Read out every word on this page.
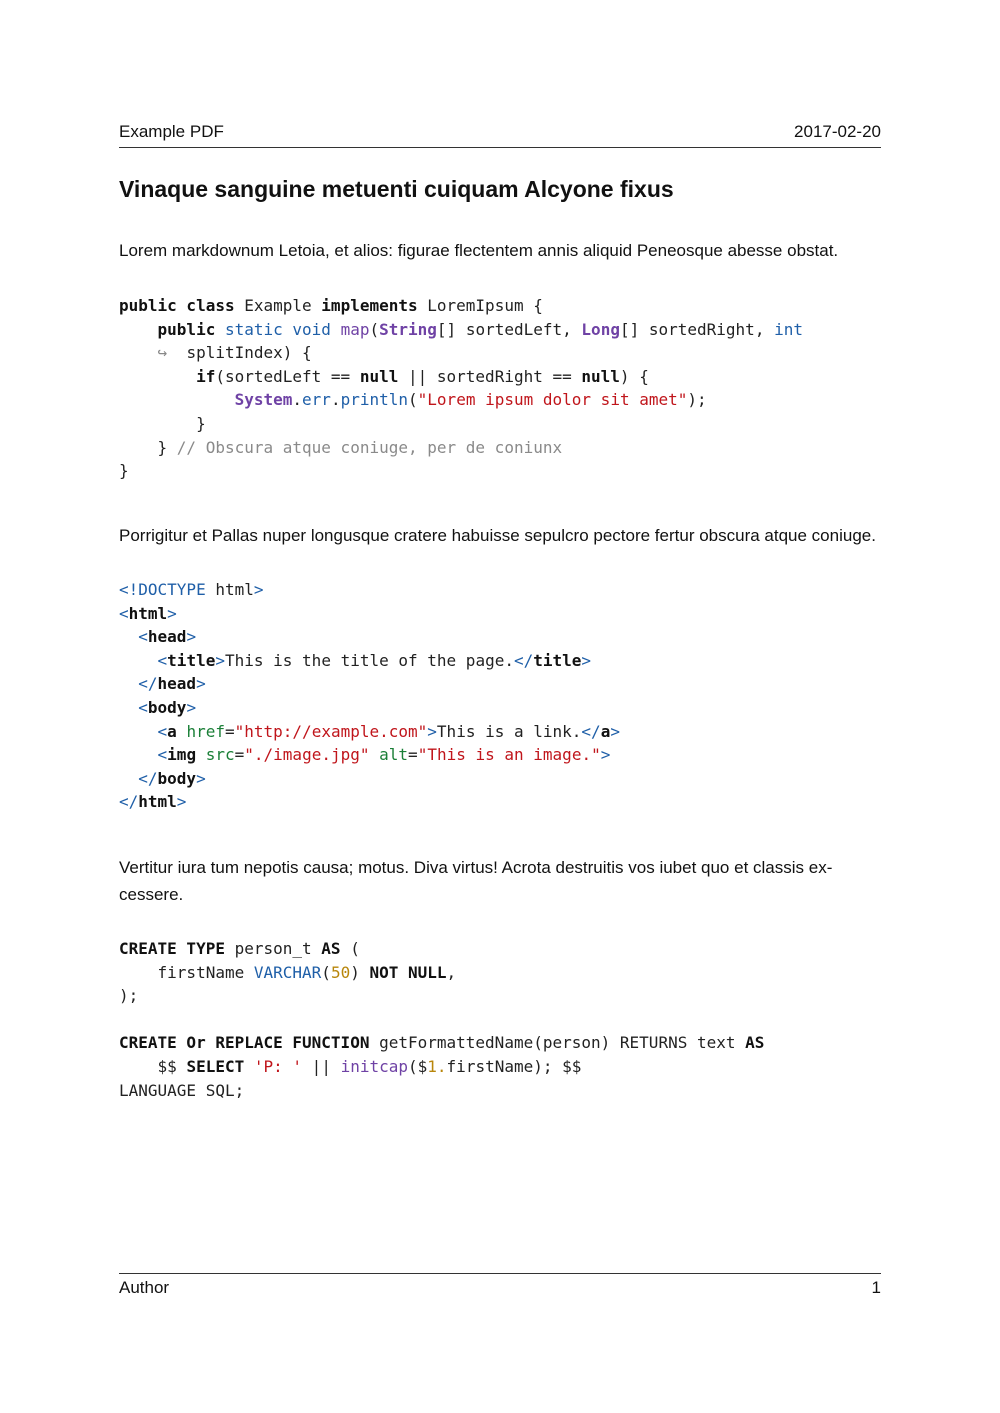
Example PDF	2017-02-20
Vinaque sanguine metuenti cuiquam Alcyone fixus

Lorem markdownum Letoia, et alios: figurae flectentem annis aliquid Peneosque abesse obstat.

public class Example implements LoremIpsum {
public static void map(String[] sortedLeft, Long[] sortedRight, int
↪  splitIndex) {
if(sortedLeft == null || sortedRight == null) {
System.err.println("Lorem ipsum dolor sit amet");
}
} // Obscura atque coniuge, per de coniunx
}

Porrigitur et Pallas nuper longusque cratere habuisse sepulcro pectore fertur obscura atque coniuge.

<!DOCTYPE html>
<html>
<head>
<title>This is the title of the page.</title>
</head>
<body>
<a href="http://example.com">This is a link.</a>
<img src="./image.jpg" alt="This is an image.">
</body>
</html>

Vertitur iura tum nepotis causa; motus. Diva virtus! Acrota destruitis vos iubet quo et classis ex-cessere.

CREATE TYPE person_t AS (
firstName VARCHAR(50) NOT NULL,
);

CREATE Or REPLACE FUNCTION getFormattedName(person) RETURNS text AS
$$ SELECT 'P: ' || initcap($1.firstName); $$
LANGUAGE SQL;
Author	1
